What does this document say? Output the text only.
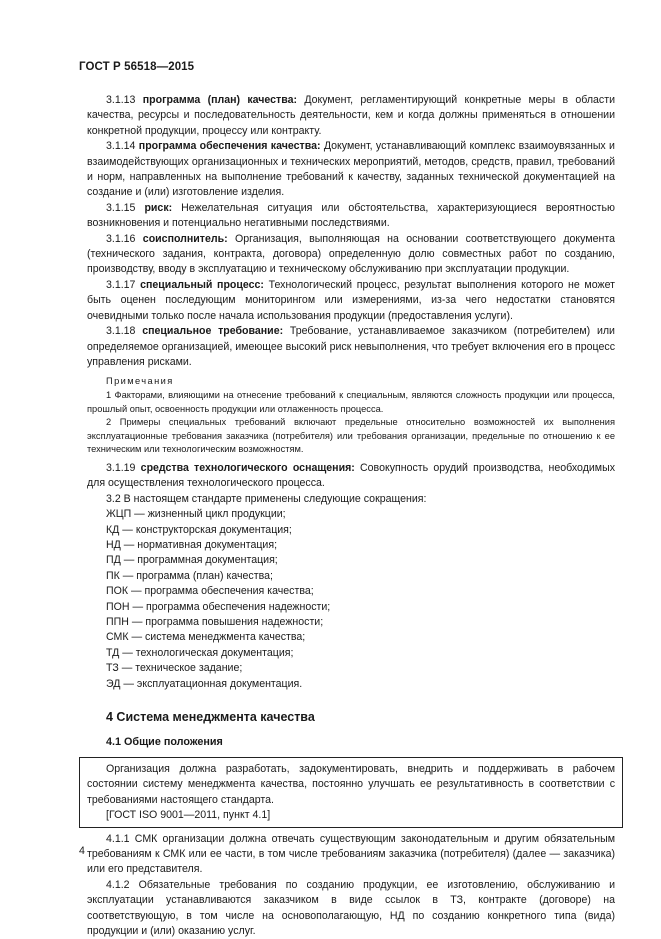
ГОСТ Р 56518—2015

3.1.13 программа (план) качества: Документ, регламентирующий конкретные меры в области качества, ресурсы и последовательность деятельности, кем и когда должны применяться в отношении конкретной продукции, процессу или контракту.

3.1.14 программа обеспечения качества: Документ, устанавливающий комплекс взаимоувязанных и взаимодействующих организационных и технических мероприятий, методов, средств, правил, требований и норм, направленных на выполнение требований к качеству, заданных технической документацией на создание и (или) изготовление изделия.

3.1.15 риск: Нежелательная ситуация или обстоятельства, характеризующиеся вероятностью возникновения и потенциально негативными последствиями.

3.1.16 соисполнитель: Организация, выполняющая на основании соответствующего документа (технического задания, контракта, договора) определенную долю совместных работ по созданию, производству, вводу в эксплуатацию и техническому обслуживанию при эксплуатации продукции.

3.1.17 специальный процесс: Технологический процесс, результат выполнения которого не может быть оценен последующим мониторингом или измерениями, из-за чего недостатки становятся очевидными только после начала использования продукции (предоставления услуги).

3.1.18 специальное требование: Требование, устанавливаемое заказчиком (потребителем) или определяемое организацией, имеющее высокий риск невыполнения, что требует включения его в процесс управления рисками.

Примечания

1 Факторами, влияющими на отнесение требований к специальным, являются сложность продукции или процесса, прошлый опыт, освоенность продукции или отлаженность процесса.

2 Примеры специальных требований включают предельные относительно возможностей их выполнения эксплуатационные требования заказчика (потребителя) или требования организации, предельные по отношению к ее техническим или технологическим возможностям.

3.1.19 средства технологического оснащения: Совокупность орудий производства, необходимых для осуществления технологического процесса.

3.2 В настоящем стандарте применены следующие сокращения:

ЖЦП — жизненный цикл продукции;
КД — конструкторская документация;
НД — нормативная документация;
ПД — программная документация;
ПК — программа (план) качества;
ПОК — программа обеспечения качества;
ПОН — программа обеспечения надежности;
ППН — программа повышения надежности;
СМК — система менеджмента качества;
ТД — технологическая документация;
ТЗ — техническое задание;
ЭД — эксплуатационная документация.
4 Система менеджмента качества
4.1 Общие положения

Организация должна разработать, задокументировать, внедрить и поддерживать в рабочем состоянии систему менеджмента качества, постоянно улучшать ее результативность в соответствии с требованиями настоящего стандарта.

[ГОСТ ISO 9001—2011, пункт 4.1]

4.1.1 СМК организации должна отвечать существующим законодательным и другим обязательным требованиям к СМК или ее части, в том числе требованиям заказчика (потребителя) (далее — заказчика) или его представителя.

4.1.2 Обязательные требования по созданию продукции, ее изготовлению, обслуживанию и эксплуатации устанавливаются заказчиком в виде ссылок в ТЗ, контракте (договоре) на соответствующую, в том числе на основополагающую, НД по созданию конкретного типа (вида) продукции и (или) оказанию услуг.

4
